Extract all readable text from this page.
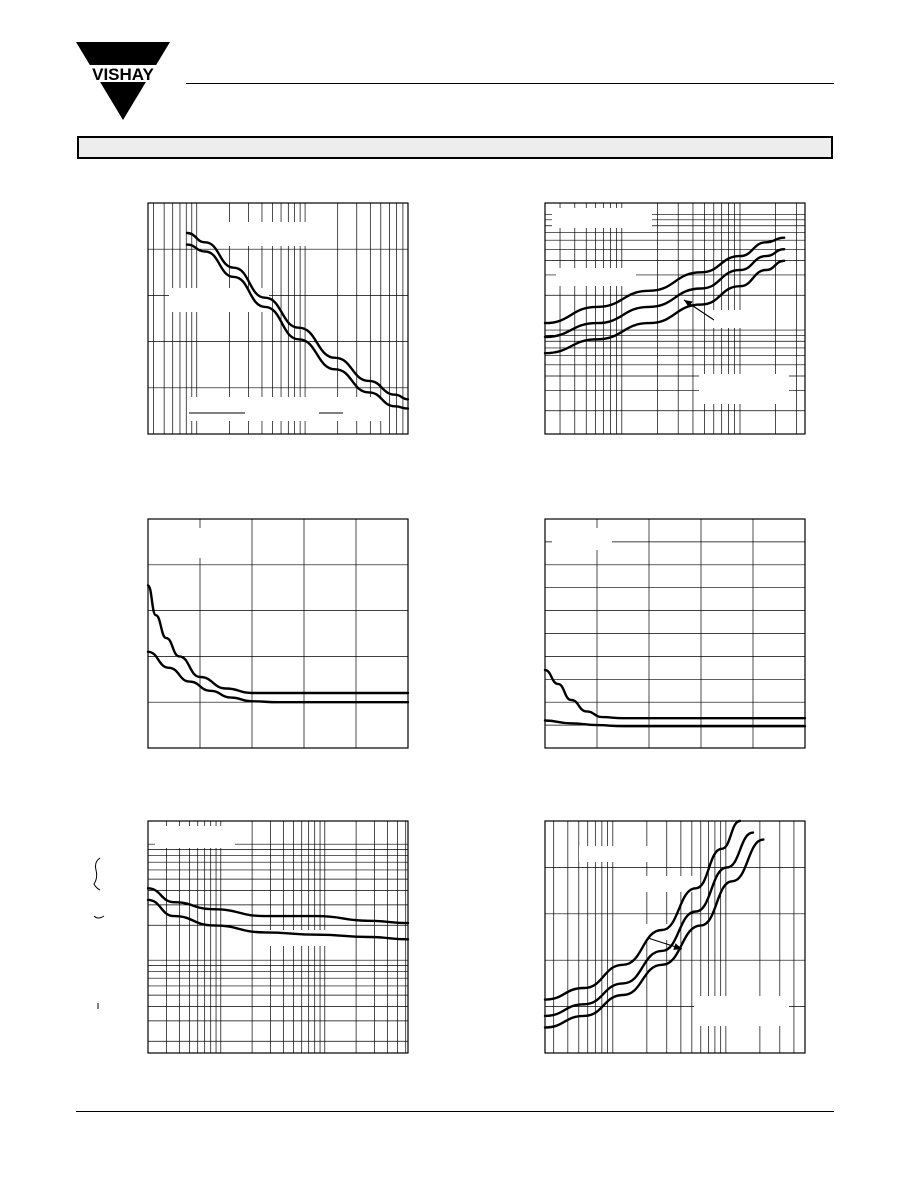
VISHAY
